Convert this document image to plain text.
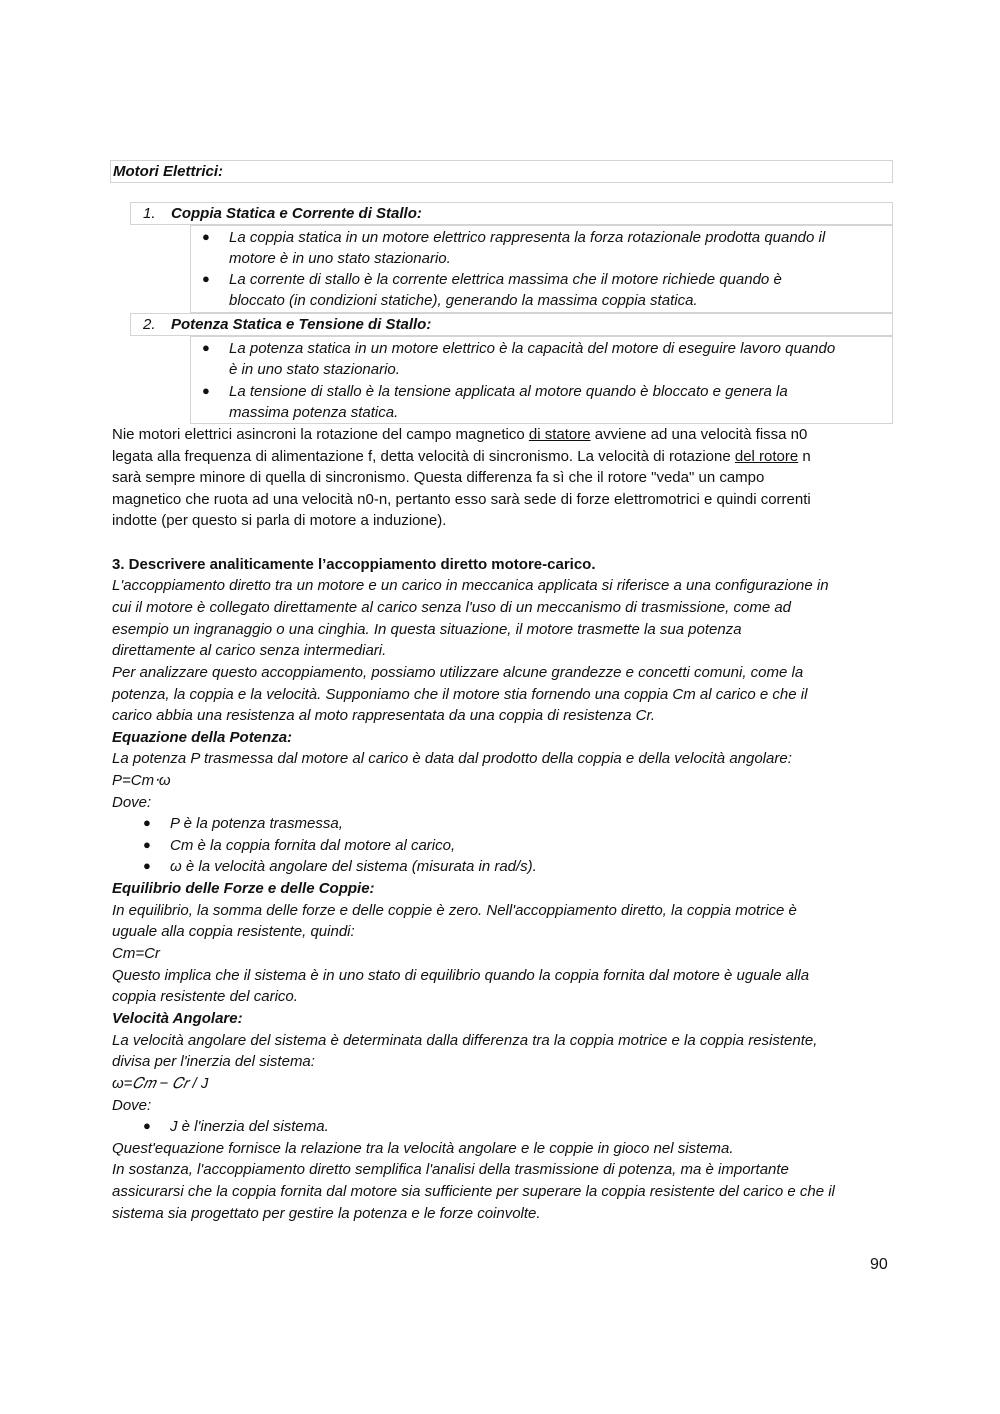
Motori Elettrici:
1. Coppia Statica e Corrente di Stallo:
● La coppia statica in un motore elettrico rappresenta la forza rotazionale prodotta quando il
motore è in uno stato stazionario.
● La corrente di stallo è la corrente elettrica massima che il motore richiede quando è
bloccato (in condizioni statiche), generando la massima coppia statica.
2. Potenza Statica e Tensione di Stallo:
● La potenza statica in un motore elettrico è la capacità del motore di eseguire lavoro quando
è in uno stato stazionario.
● La tensione di stallo è la tensione applicata al motore quando è bloccato e genera la
massima potenza statica.
Nie motori elettrici asincroni la rotazione del campo magnetico di statore avviene ad una velocità fissa n0
legata alla frequenza di alimentazione f, detta velocità di sincronismo. La velocità di rotazione del rotore n
sarà sempre minore di quella di sincronismo. Questa differenza fa sì che il rotore "veda" un campo
magnetico che ruota ad una velocità n0-n, pertanto esso sarà sede di forze elettromotrici e quindi correnti
indotte (per questo si parla di motore a induzione).
3. Descrivere analiticamente l’accoppiamento diretto motore-carico.
L'accoppiamento diretto tra un motore e un carico in meccanica applicata si riferisce a una configurazione in
cui il motore è collegato direttamente al carico senza l'uso di un meccanismo di trasmissione, come ad
esempio un ingranaggio o una cinghia. In questa situazione, il motore trasmette la sua potenza
direttamente al carico senza intermediari.
Per analizzare questo accoppiamento, possiamo utilizzare alcune grandezze e concetti comuni, come la
potenza, la coppia e la velocità. Supponiamo che il motore stia fornendo una coppia Cm al carico e che il
carico abbia una resistenza al moto rappresentata da una coppia di resistenza Cr.
Equazione della Potenza:
La potenza P trasmessa dal motore al carico è data dal prodotto della coppia e della velocità angolare:
P=Cm⋅ω
Dove:
● P è la potenza trasmessa,
● Cm è la coppia fornita dal motore al carico,
● ω è la velocità angolare del sistema (misurata in rad/s).
Equilibrio delle Forze e delle Coppie:
In equilibrio, la somma delle forze e delle coppie è zero. Nell'accoppiamento diretto, la coppia motrice è
uguale alla coppia resistente, quindi:
Cm=Cr
Questo implica che il sistema è in uno stato di equilibrio quando la coppia fornita dal motore è uguale alla
coppia resistente del carico.
Velocità Angolare:
La velocità angolare del sistema è determinata dalla differenza tra la coppia motrice e la coppia resistente,
divisa per l'inerzia del sistema:
ω=𝐶𝑚 − 𝐶𝑟 / J
Dove:
● J è l'inerzia del sistema.
Quest'equazione fornisce la relazione tra la velocità angolare e le coppie in gioco nel sistema.
In sostanza, l'accoppiamento diretto semplifica l'analisi della trasmissione di potenza, ma è importante
assicurarsi che la coppia fornita dal motore sia sufficiente per superare la coppia resistente del carico e che il
sistema sia progettato per gestire la potenza e le forze coinvolte.
90
